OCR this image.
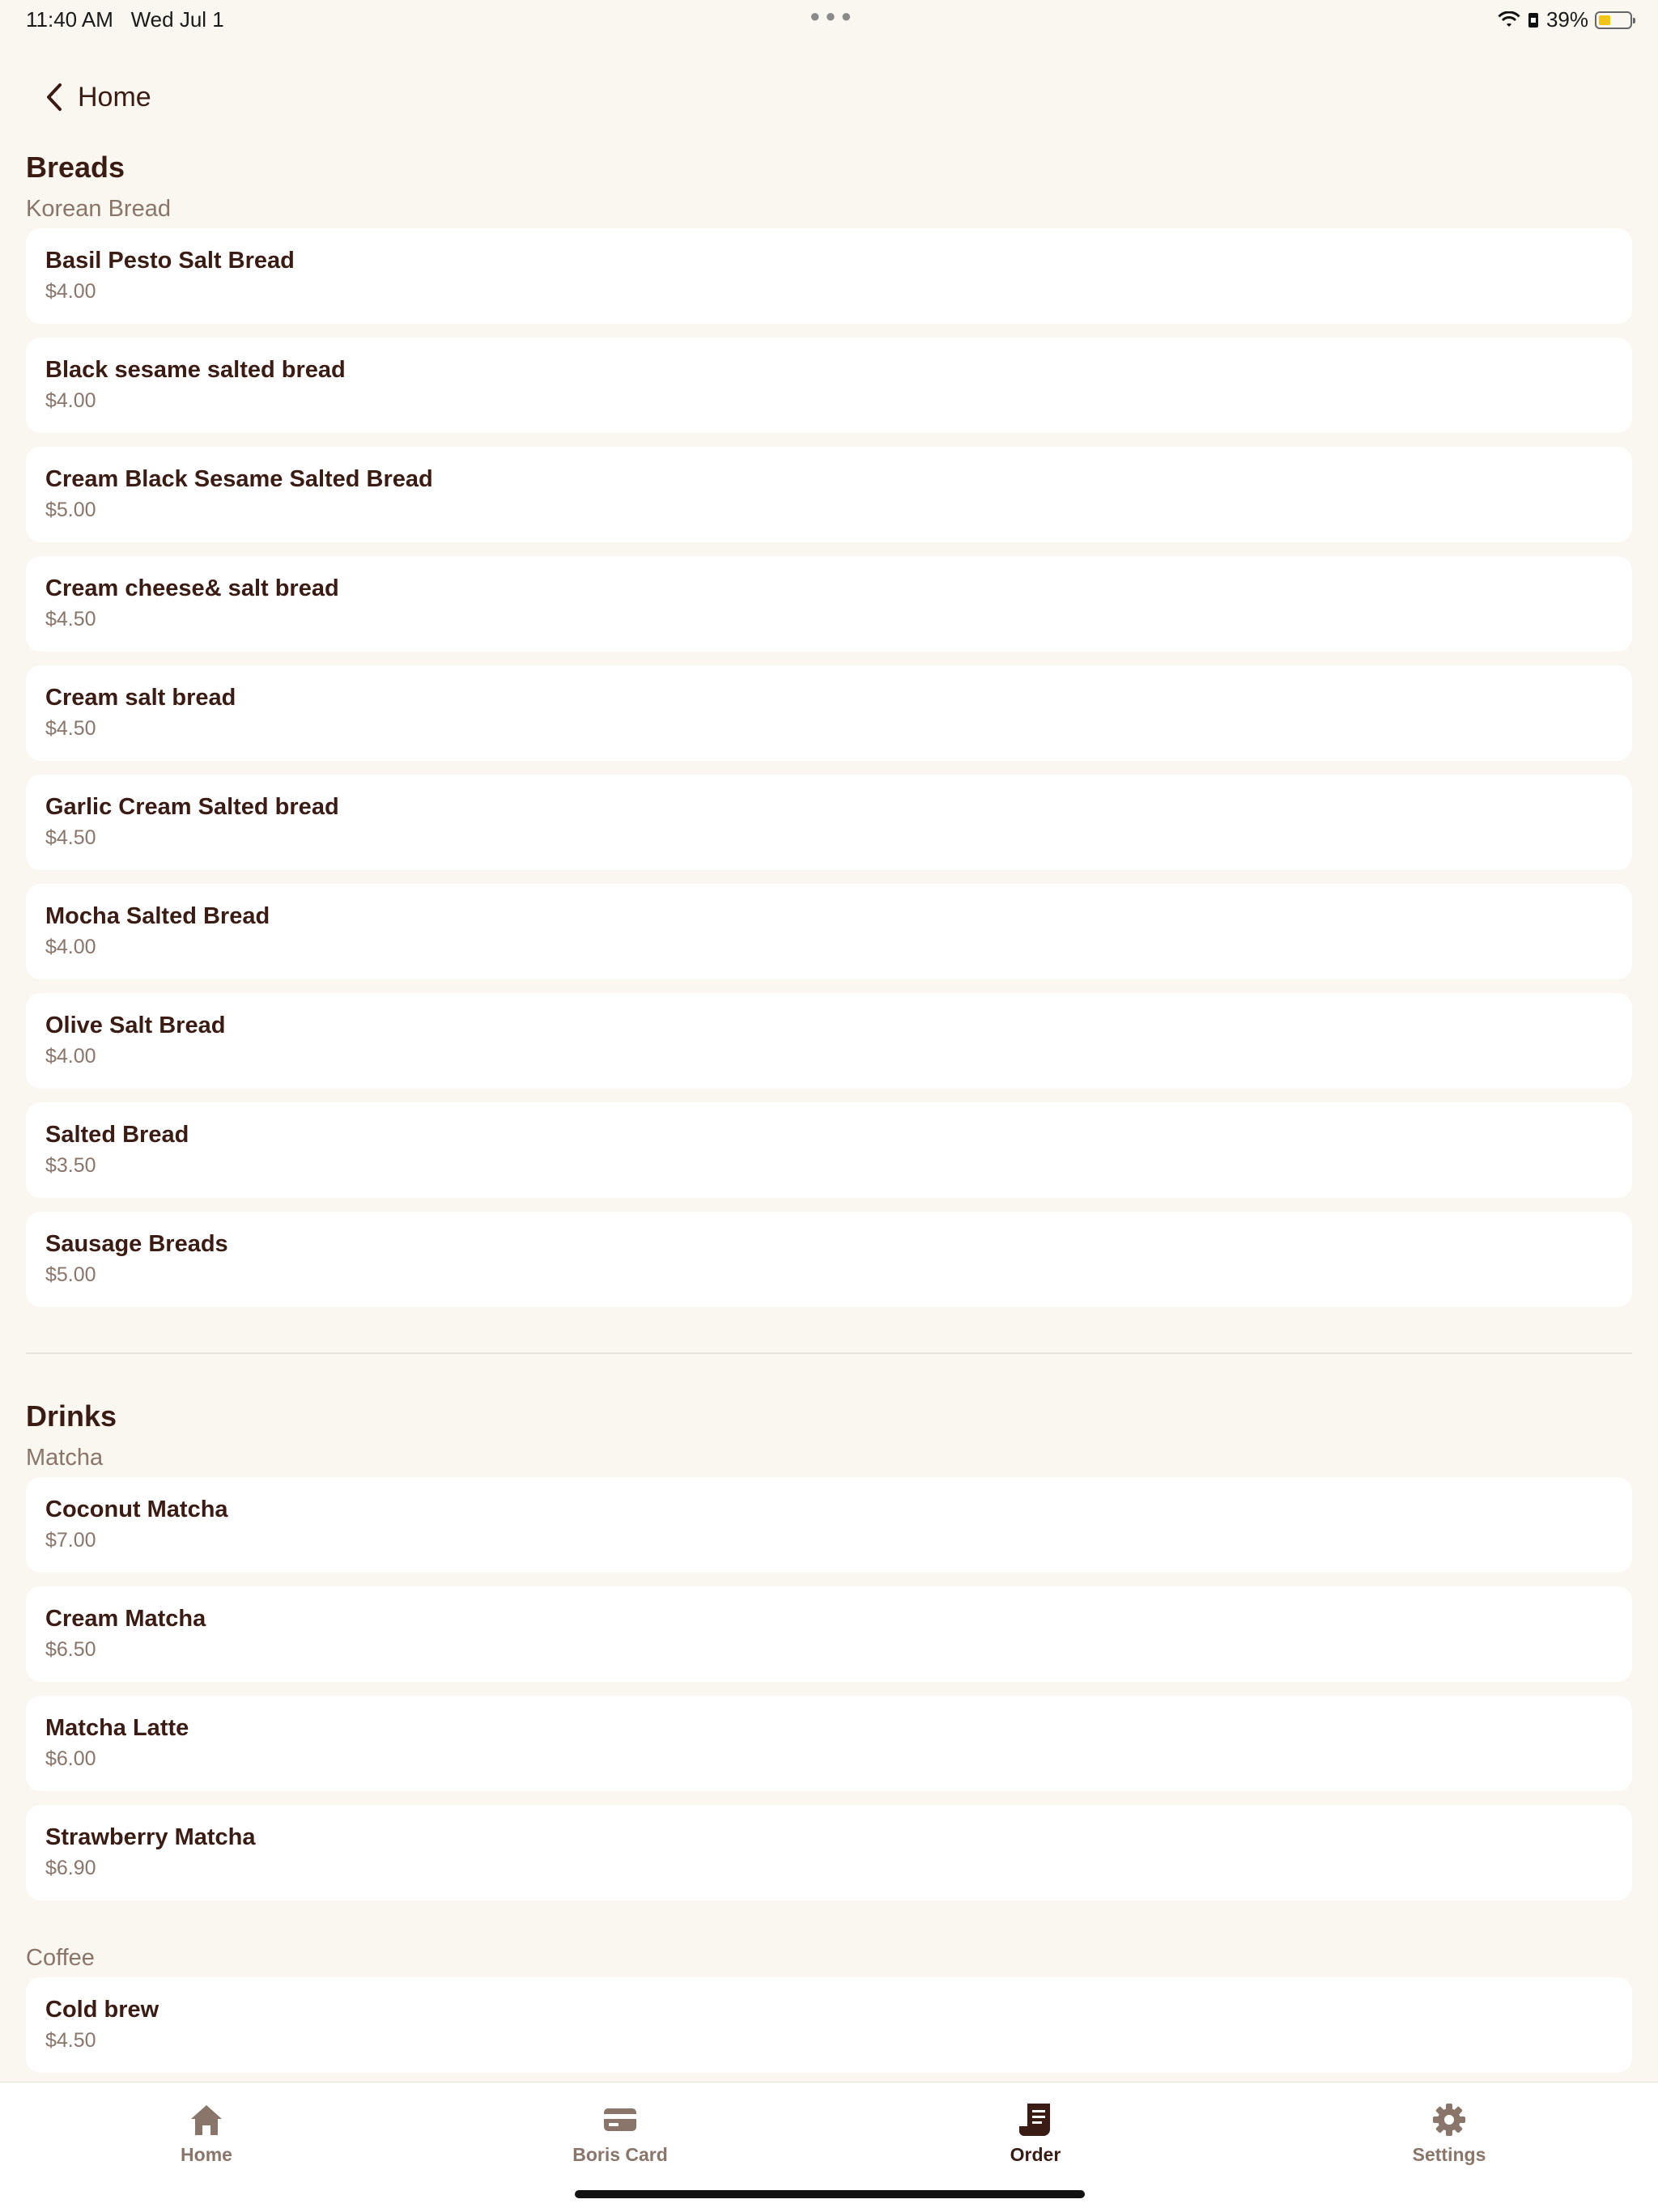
11:40 AM Wed Jul 1	●●●	39%
Home
Breads
Korean Bread
Basil Pesto Salt Bread
$4.00
Black sesame salted bread
$4.00
Cream Black Sesame Salted Bread
$5.00
Cream cheese& salt bread
$4.50
Cream salt bread
$4.50
Garlic Cream Salted bread
$4.50
Mocha Salted Bread
$4.00
Olive Salt Bread
$4.00
Salted Bread
$3.50
Sausage Breads
$5.00
Drinks
Matcha
Coconut Matcha
$7.00
Cream Matcha
$6.50
Matcha Latte
$6.00
Strawberry Matcha
$6.90
Coffee
Cold brew
$4.50
Home	Boris Card	Order	Settings
